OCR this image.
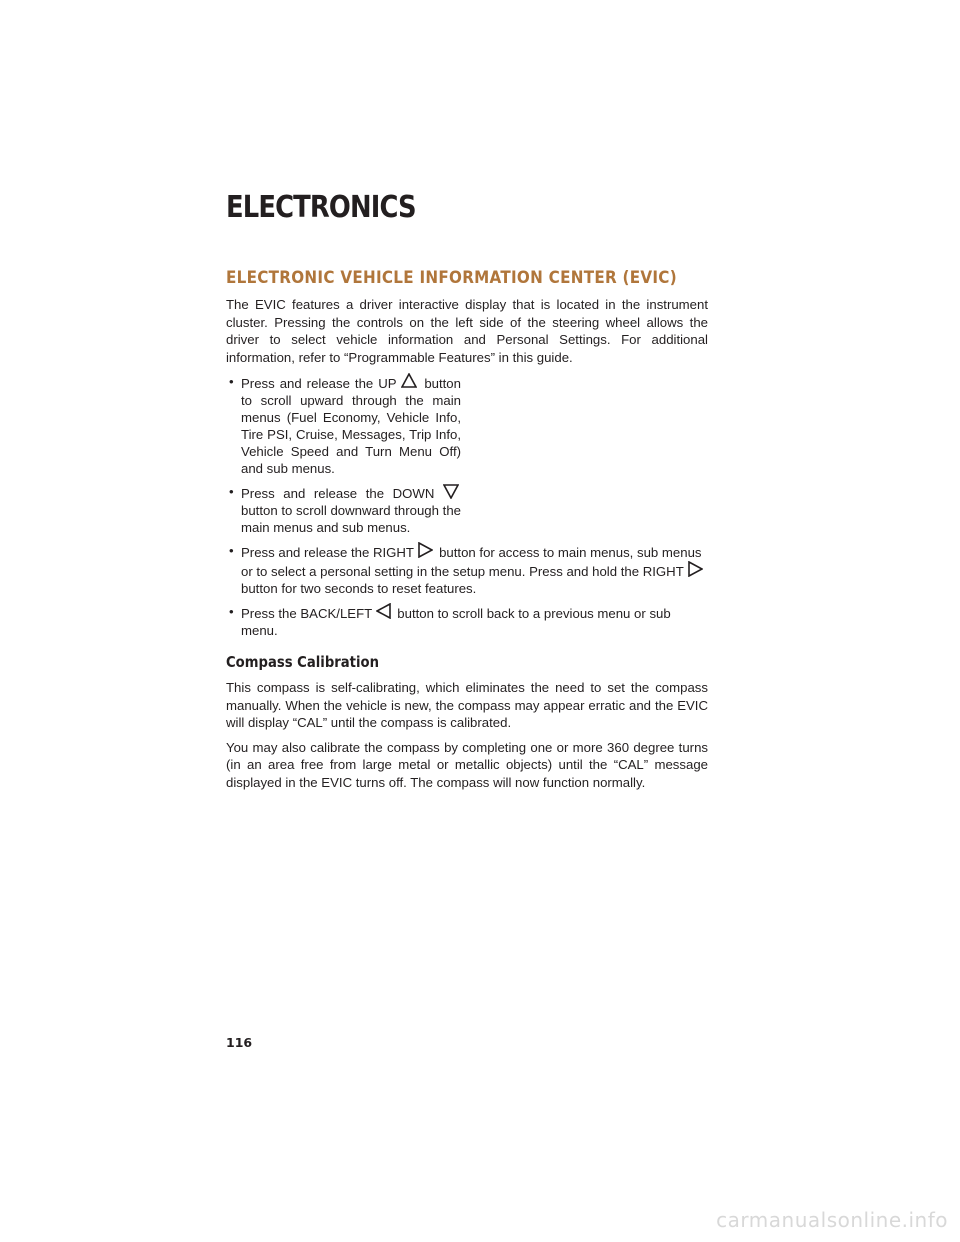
ELECTRONICS
ELECTRONIC VEHICLE INFORMATION CENTER (EVIC)

The EVIC features a driver interactive display that is located in the instrument cluster. Pressing the controls on the left side of the steering wheel allows the driver to select vehicle information and Personal Settings. For additional information, refer to “Programmable Features” in this guide.

• Press and release the UP  button to scroll upward through the main menus (Fuel Economy, Vehicle Info, Tire PSI, Cruise, Messages, Trip Info, Vehicle Speed and Turn Menu Off) and sub menus.
• Press and release the DOWN  button to scroll downward through the main menus and sub menus.
• Press and release the RIGHT  button for access to main menus, sub menus or to select a personal setting in the setup menu. Press and hold the RIGHT  button for two seconds to reset features.
• Press the BACK/LEFT  button to scroll back to a previous menu or sub menu.
Compass Calibration

This compass is self-calibrating, which eliminates the need to set the compass manually. When the vehicle is new, the compass may appear erratic and the EVIC will display “CAL” until the compass is calibrated.

You may also calibrate the compass by completing one or more 360 degree turns (in an area free from large metal or metallic objects) until the “CAL” message displayed in the EVIC turns off. The compass will now function normally.

116
carmanualsonline.info
